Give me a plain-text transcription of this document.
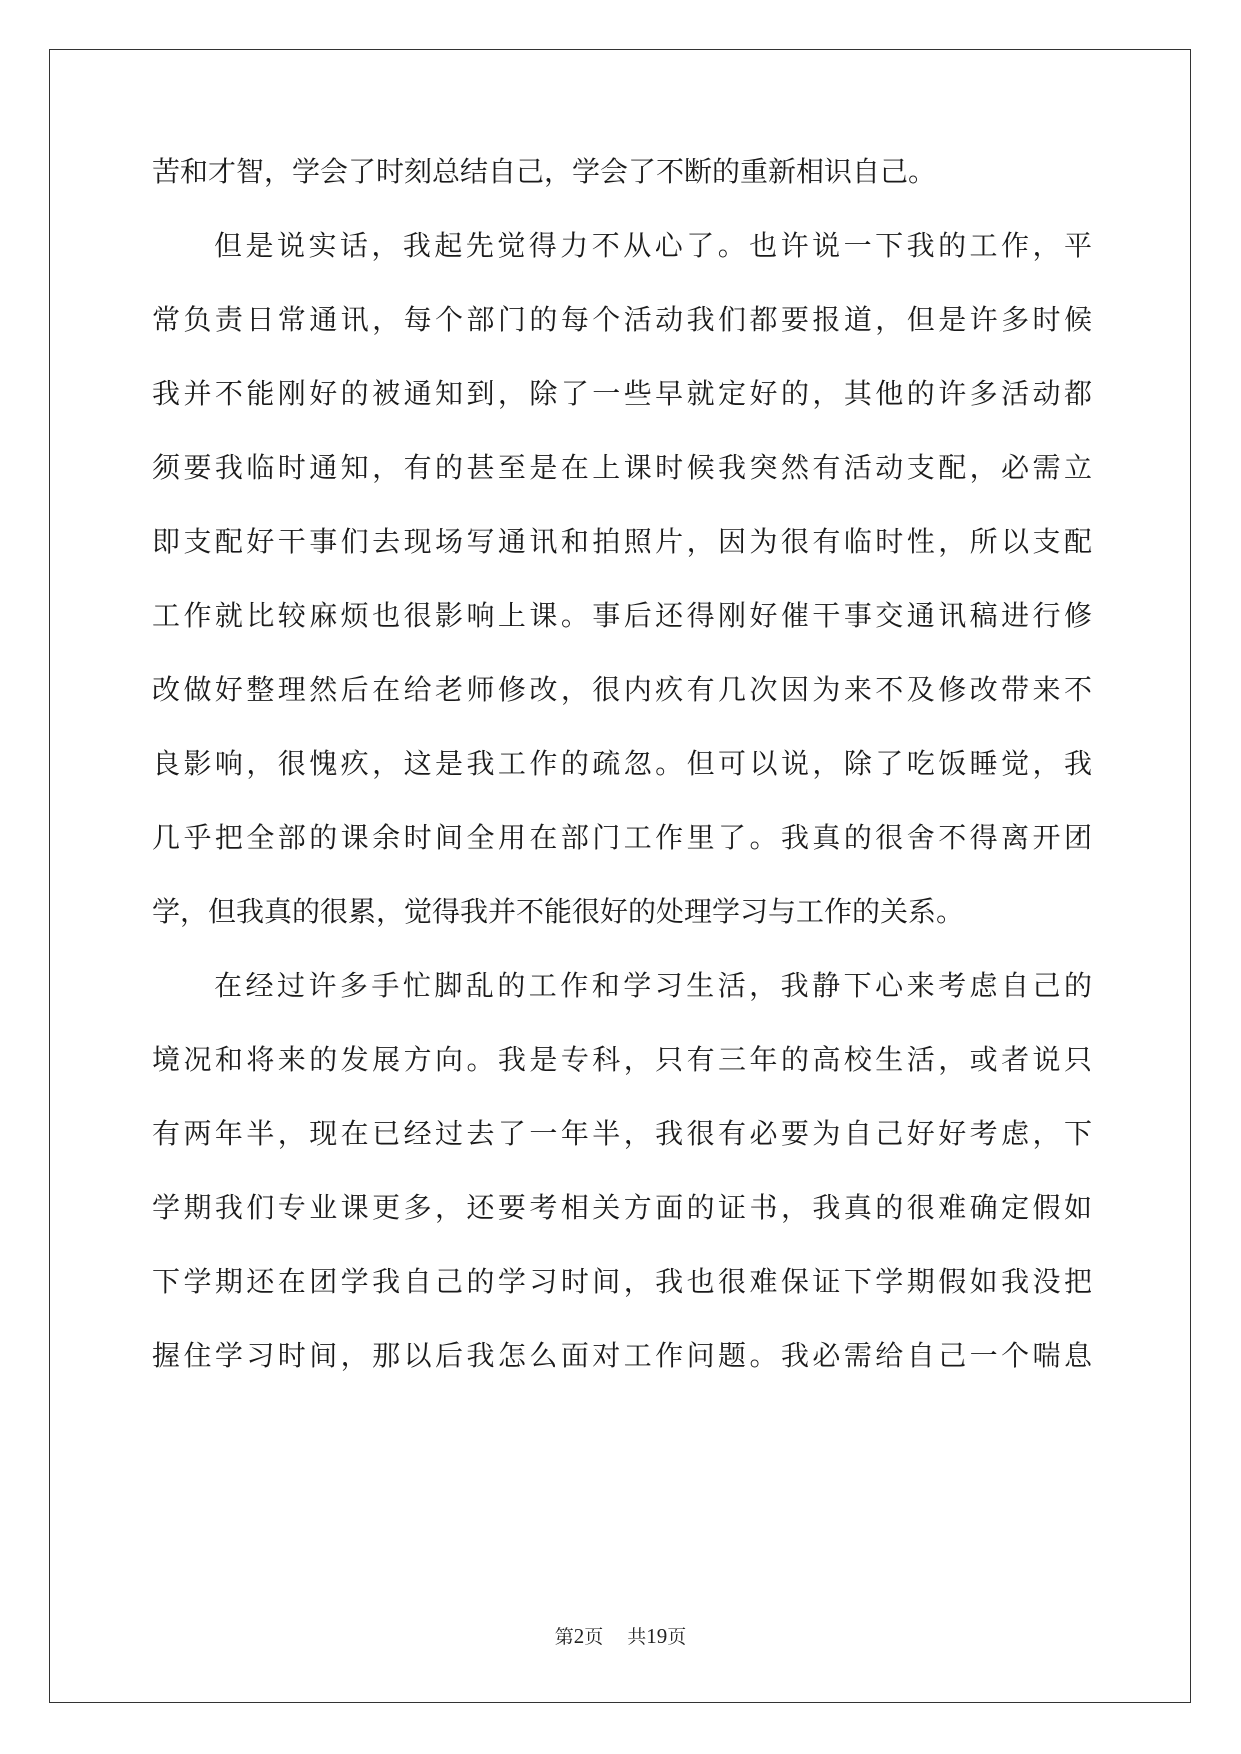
苦和才智，学会了时刻总结自己，学会了不断的重新相识自己。
但是说实话，我起先觉得力不从心了。也许说一下我的工作，平
常负责日常通讯，每个部门的每个活动我们都要报道，但是许多时候
我并不能刚好的被通知到，除了一些早就定好的，其他的许多活动都
须要我临时通知，有的甚至是在上课时候我突然有活动支配，必需立
即支配好干事们去现场写通讯和拍照片，因为很有临时性，所以支配
工作就比较麻烦也很影响上课。事后还得刚好催干事交通讯稿进行修
改做好整理然后在给老师修改，很内疚有几次因为来不及修改带来不
良影响，很愧疚，这是我工作的疏忽。但可以说，除了吃饭睡觉，我
几乎把全部的课余时间全用在部门工作里了。我真的很舍不得离开团
学，但我真的很累，觉得我并不能很好的处理学习与工作的关系。
在经过许多手忙脚乱的工作和学习生活，我静下心来考虑自己的
境况和将来的发展方向。我是专科，只有三年的高校生活，或者说只
有两年半，现在已经过去了一年半，我很有必要为自己好好考虑，下
学期我们专业课更多，还要考相关方面的证书，我真的很难确定假如
下学期还在团学我自己的学习时间，我也很难保证下学期假如我没把
握住学习时间，那以后我怎么面对工作问题。我必需给自己一个喘息
第2页 共19页
